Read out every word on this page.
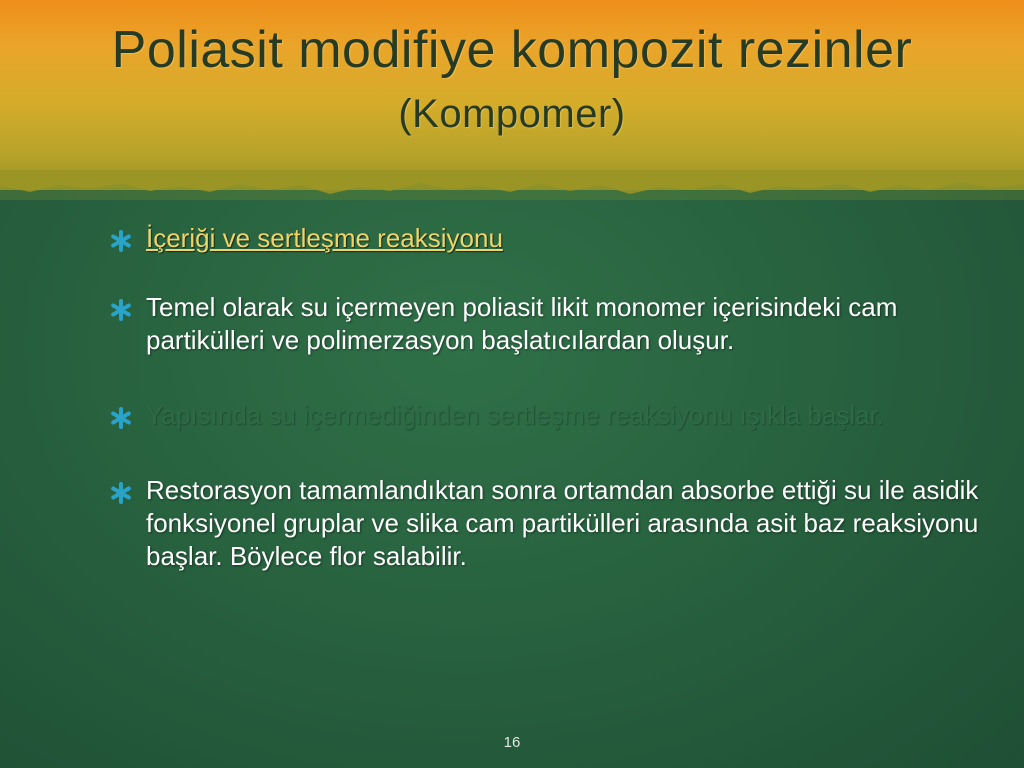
Poliasit modifiye kompozit rezinler (Kompomer)
İçeriği ve sertleşme reaksiyonu
Temel olarak su içermeyen poliasit likit monomer içerisindeki cam partikülleri ve polimerzasyon başlatıcılardan oluşur.
Yapısında su içermediğinden sertleşme reaksiyonu ışıkla başlar.
Restorasyon tamamlandıktan sonra ortamdan absorbe ettiği su ile asidik fonksiyonel gruplar ve slika cam partikülleri arasında asit baz reaksiyonu başlar. Böylece flor salabilir.
16
